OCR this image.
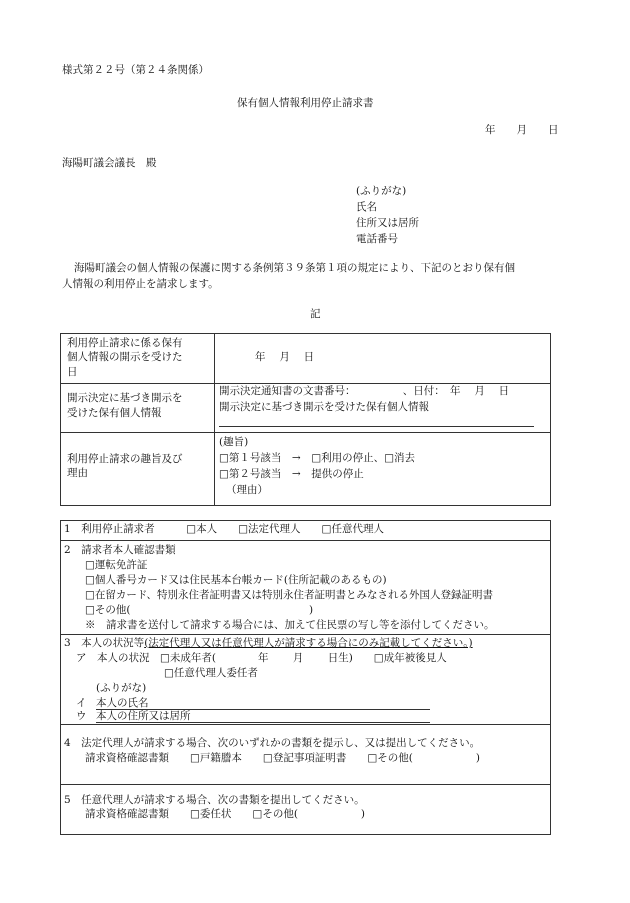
様式第２２号（第２４条関係）
保有個人情報利用停止請求書
年　　月　　日
海陽町議会議長　殿
(ふりがな)
氏名
住所又は居所
電話番号
海陽町議会の個人情報の保護に関する条例第３９条第１項の規定により、下記のとおり保有個
人情報の利用停止を請求します。
記
利用停止請求に係る保有
個人情報の開示を受けた
日
年　 月　 日
開示決定に基づき開示を
受けた保有個人情報
開示決定通知書の文書番号：　　　　　、日付：　年　 月　 日
開示決定に基づき開示を受けた保有個人情報
利用停止請求の趣旨及び
理由
(趣旨)
□第１号該当　→　□利用の停止、□消去
□第２号該当　→　提供の停止
（理由）
1　利用停止請求者　　　□本人　　□法定代理人　　□任意代理人
2　請求者本人確認書類
□運転免許証
□個人番号カード又は住民基本台帳カード(住所記載のあるもの)
□在留カード、特別永住者証明書又は特別永住者証明書とみなされる外国人登録証明書
□その他(　　　　　　　　　　　　　　　　　)
※　請求書を送付して請求する場合には、加えて住民票の写し等を添付してください。
3　本人の状況等(法定代理人又は任意代理人が請求する場合にのみ記載してください。)
ア　本人の状況　□未成年者(　　　　年　　 月　　 日生)　　□成年被後見人
□任意代理人委任者
(ふりがな)
イ 本人の氏名
ウ 本人の住所又は居所
4　法定代理人が請求する場合、次のいずれかの書類を提示し、又は提出してください。
請求資格確認書類　　□戸籍謄本　　□登記事項証明書　　□その他(　　　　　　)
5　任意代理人が請求する場合、次の書類を提出してください。
請求資格確認書類　　□委任状　　□その他(　　　　　　)
